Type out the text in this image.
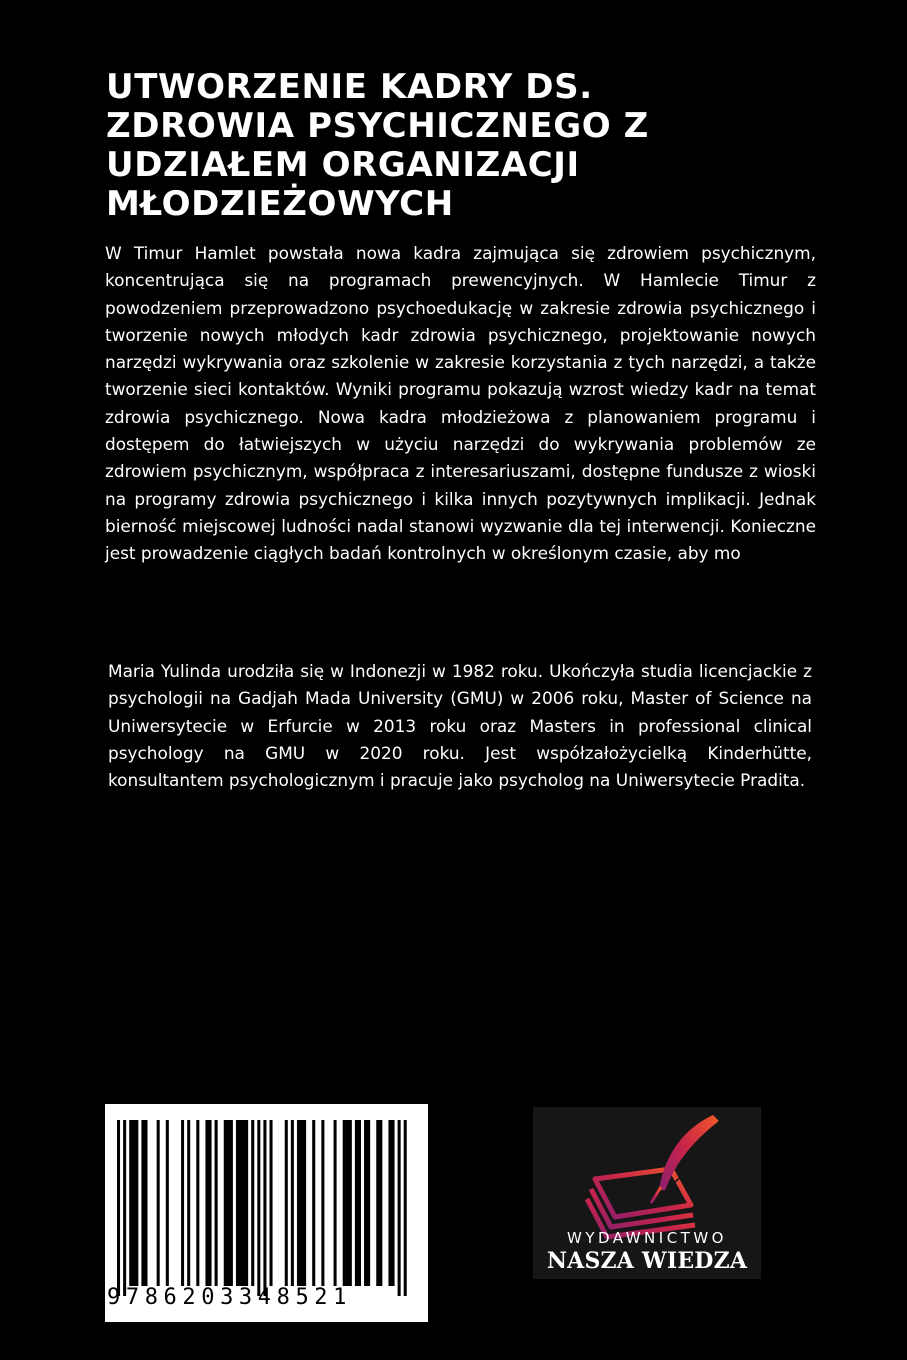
UTWORZENIE KADRY DS.
ZDROWIA PSYCHICZNEGO Z
UDZIAŁEM ORGANIZACJI
MŁODZIEŻOWYCH

W Timur Hamlet powstała nowa kadra zajmująca się zdrowiem psychicznym, koncentrująca się na programach prewencyjnych. W Hamlecie Timur z powodzeniem przeprowadzono psychoedukację w zakresie zdrowia psychicznego i tworzenie nowych młodych kadr zdrowia psychicznego, projektowanie nowych narzędzi wykrywania oraz szkolenie w zakresie korzystania z tych narzędzi, a także tworzenie sieci kontaktów. Wyniki programu pokazują wzrost wiedzy kadr na temat zdrowia psychicznego. Nowa kadra młodzieżowa z planowaniem programu i dostępem do łatwiejszych w użyciu narzędzi do wykrywania problemów ze zdrowiem psychicznym, współpraca z interesariuszami, dostępne fundusze z wioski na programy zdrowia psychicznego i kilka innych pozytywnych implikacji. Jednak bierność miejscowej ludności nadal stanowi wyzwanie dla tej interwencji. Konieczne jest prowadzenie ciągłych badań kontrolnych w określonym czasie, aby mo

Maria Yulinda urodziła się w Indonezji w 1982 roku. Ukończyła studia licencjackie z psychologii na Gadjah Mada University (GMU) w 2006 roku, Master of Science na Uniwersytecie w Erfurcie w 2013 roku oraz Masters in professional clinical psychology na GMU w 2020 roku. Jest współzałożycielką Kinderhütte, konsultantem psychologicznym i pracuje jako psycholog na Uniwersytecie Pradita.

9786203348521
WYDAWNICTWO
NASZA WIEDZA
